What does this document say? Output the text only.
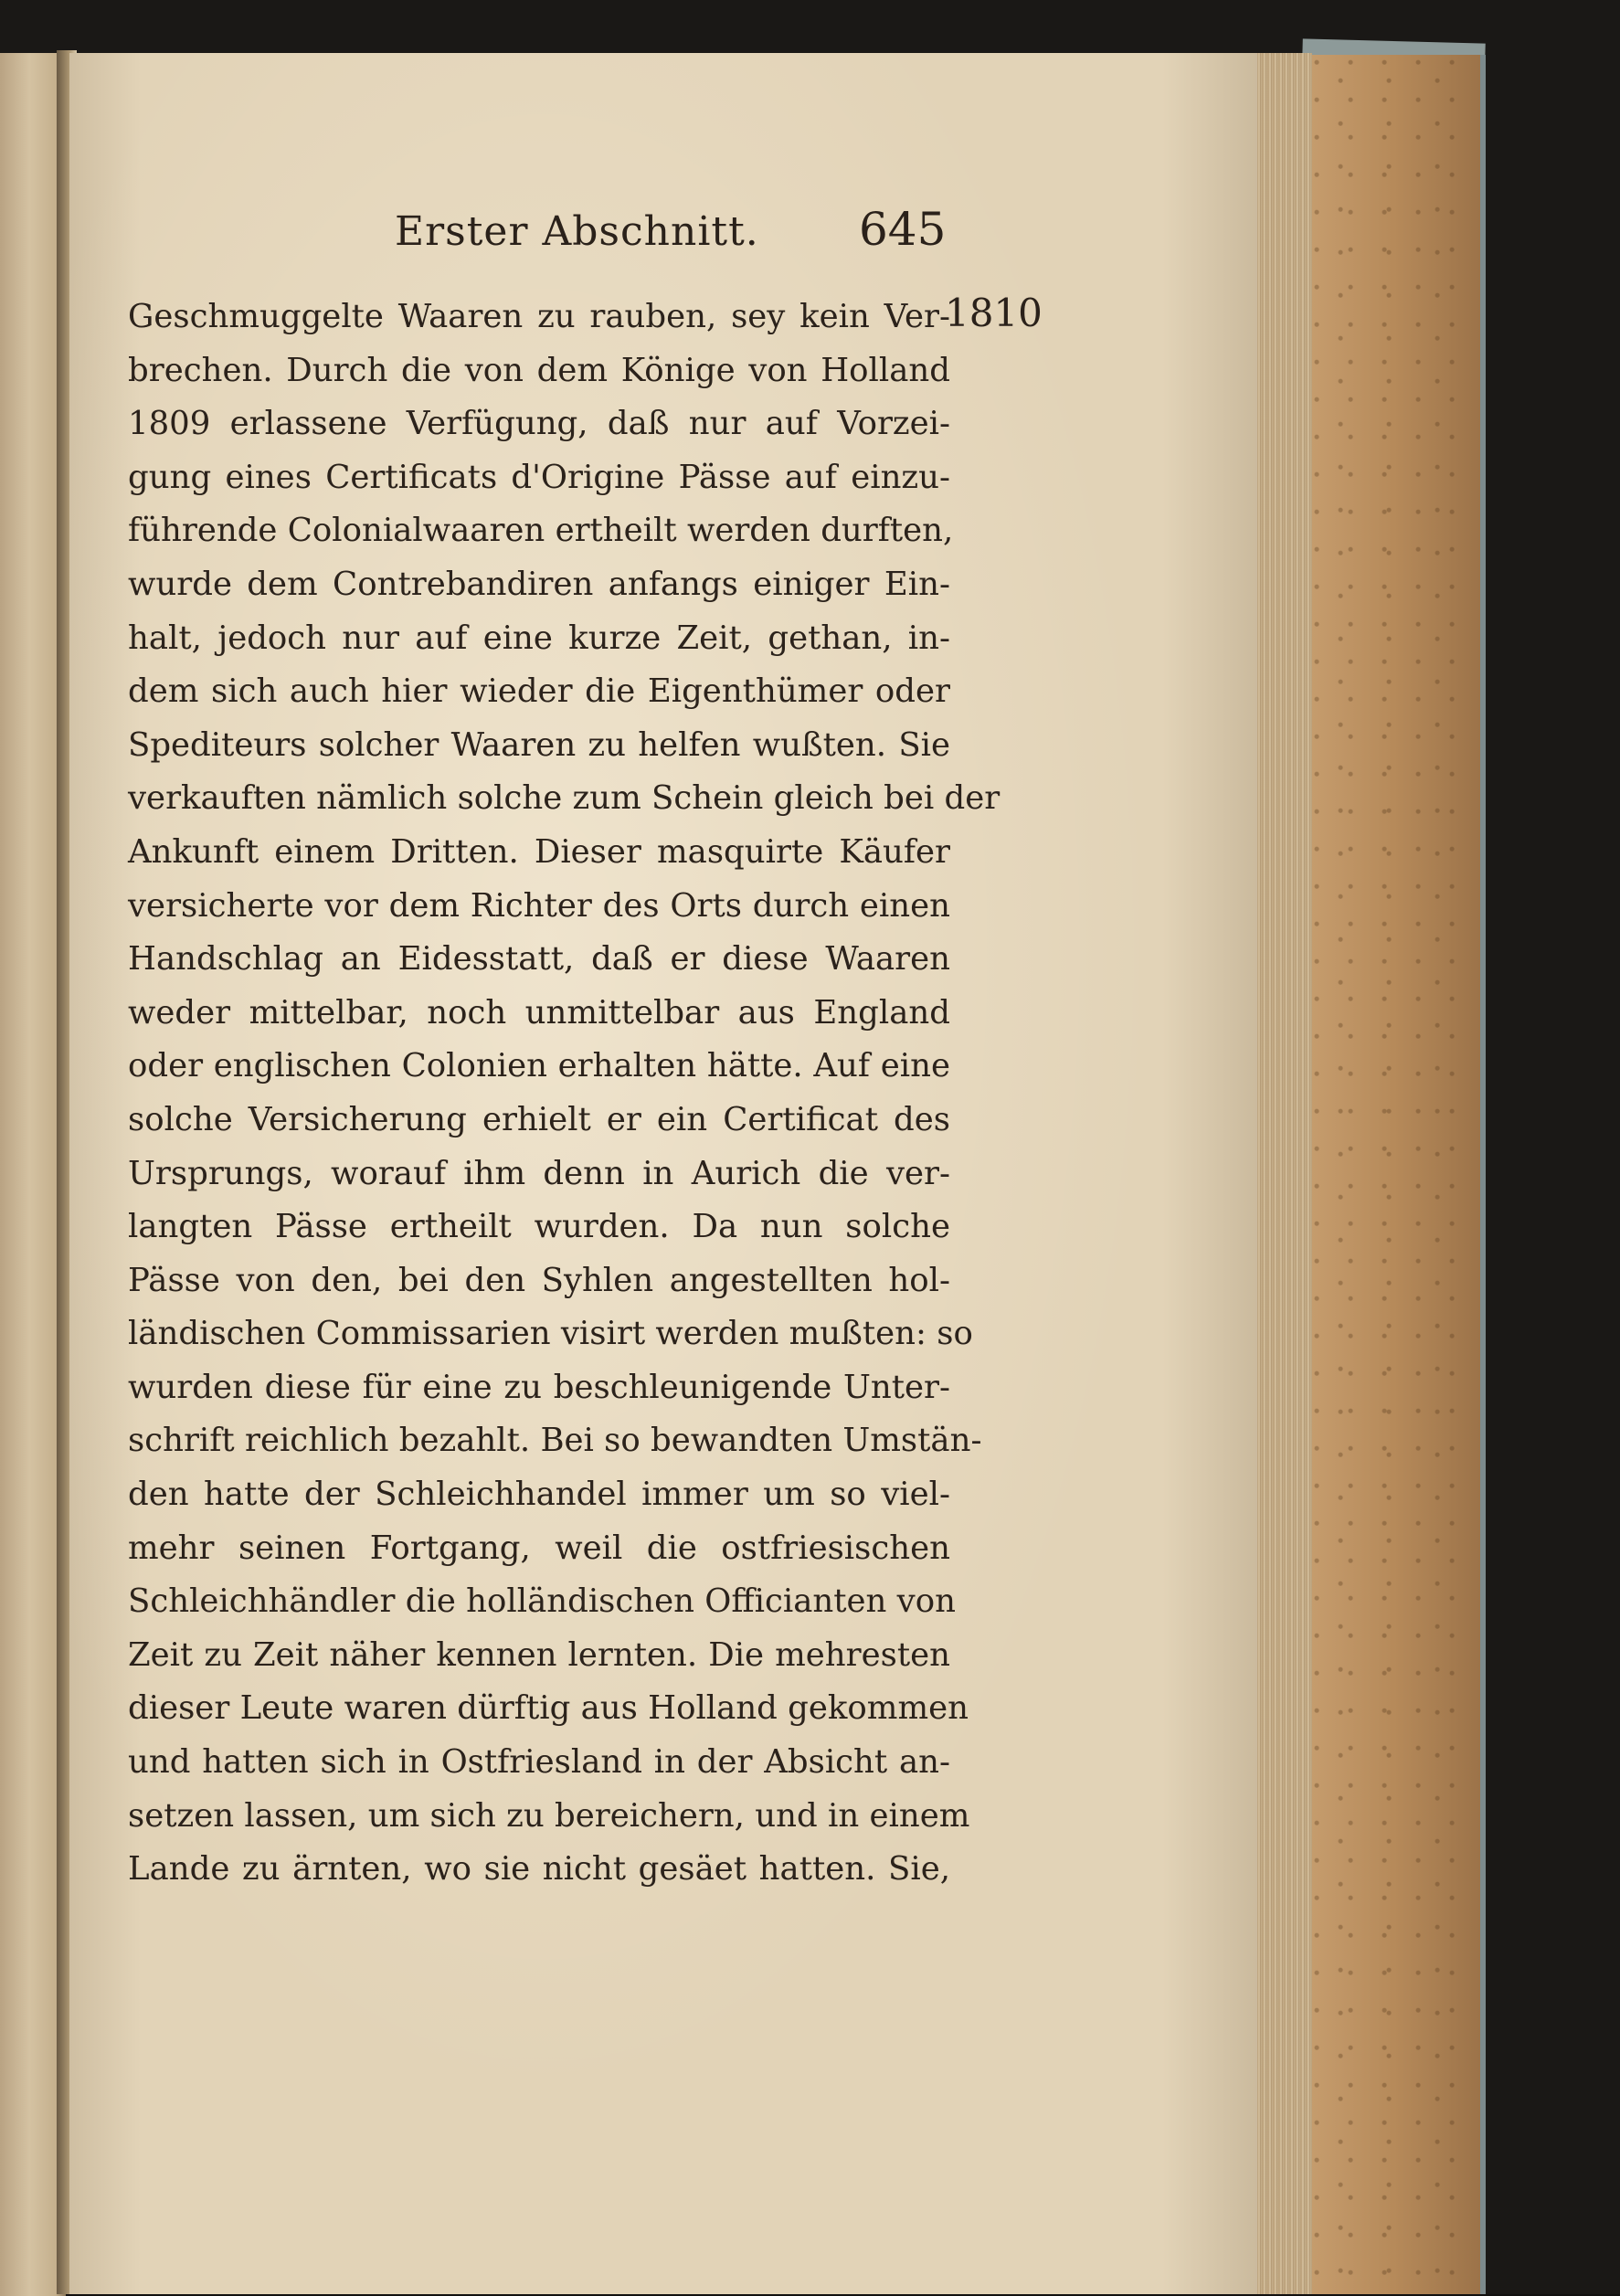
Erster Abschnitt. 645
1810
Geschmuggelte Waaren zu rauben, sey kein Ver-
brechen. Durch die von dem Könige von Holland
1809 erlassene Verfügung, daß nur auf Vorzei-
gung eines Certificats d'Origine Pässe auf einzu-
führende Colonialwaaren ertheilt werden durften,
wurde dem Contrebandiren anfangs einiger Ein-
halt, jedoch nur auf eine kurze Zeit, gethan, in-
dem sich auch hier wieder die Eigenthümer oder
Spediteurs solcher Waaren zu helfen wußten. Sie
verkauften nämlich solche zum Schein gleich bei der
Ankunft einem Dritten. Dieser masquirte Käufer
versicherte vor dem Richter des Orts durch einen
Handschlag an Eidesstatt, daß er diese Waaren
weder mittelbar, noch unmittelbar aus England
oder englischen Colonien erhalten hätte. Auf eine
solche Versicherung erhielt er ein Certificat des
Ursprungs, worauf ihm denn in Aurich die ver-
langten Pässe ertheilt wurden. Da nun solche
Pässe von den, bei den Syhlen angestellten hol-
ländischen Commissarien visirt werden mußten: so
wurden diese für eine zu beschleunigende Unter-
schrift reichlich bezahlt. Bei so bewandten Umstän-
den hatte der Schleichhandel immer um so viel-
mehr seinen Fortgang, weil die ostfriesischen
Schleichhändler die holländischen Officianten von
Zeit zu Zeit näher kennen lernten. Die mehresten
dieser Leute waren dürftig aus Holland gekommen
und hatten sich in Ostfriesland in der Absicht an-
setzen lassen, um sich zu bereichern, und in einem
Lande zu ärnten, wo sie nicht gesäet hatten. Sie,
